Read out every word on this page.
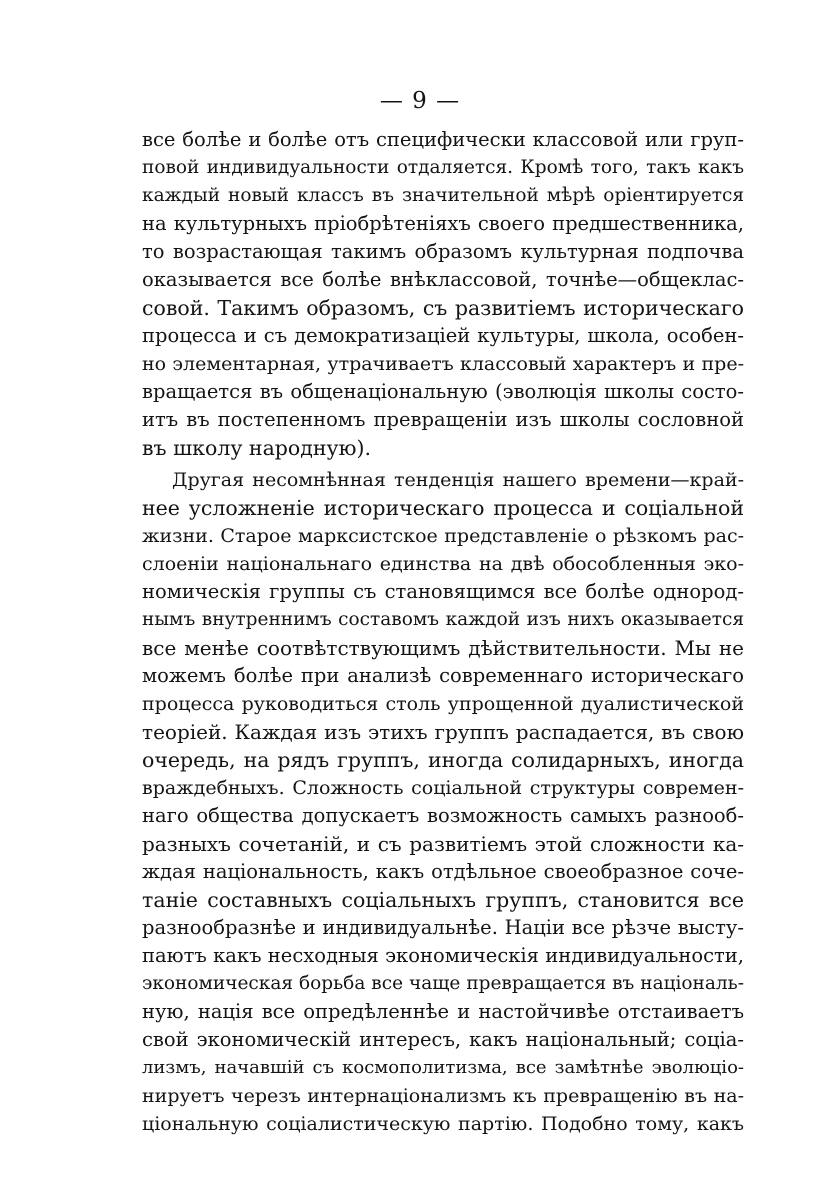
— 9 —
все болѣе и болѣе отъ специфически классовой или груп-
повой индивидуальности отдаляется. Кромѣ того, такъ какъ
каждый новый классъ въ значительной мѣрѣ оріентируется
на культурныхъ пріобрѣтеніяхъ своего предшественника,
то возрастающая такимъ образомъ культурная подпочва
оказывается все болѣе внѣклассовой, точнѣе—общеклас-
совой. Такимъ образомъ, съ развитіемъ историческаго
процесса и съ демократизаціей культуры, школа, особен-
но элементарная, утрачиваетъ классовый характеръ и пре-
вращается въ общенаціональную (эволюція школы состо-
итъ въ постепенномъ превращеніи изъ школы сословной
въ школу народную).
Другая несомнѣнная тенденція нашего времени—край-
нее усложненіе историческаго процесса и соціальной
жизни. Старое марксистское представленіе о рѣзкомъ рас-
слоеніи національнаго единства на двѣ обособленныя эко-
номическія группы съ становящимся все болѣе однород-
нымъ внутреннимъ составомъ каждой изъ нихъ оказывается
все менѣе соотвѣтствующимъ дѣйствительности. Мы не
можемъ болѣе при анализѣ современнаго историческаго
процесса руководиться столь упрощенной дуалистической
теоріей. Каждая изъ этихъ группъ распадается, въ свою
очередь, на рядъ группъ, иногда солидарныхъ, иногда
враждебныхъ. Сложность соціальной структуры современ-
наго общества допускаетъ возможность самыхъ разнооб-
разныхъ сочетаній, и съ развитіемъ этой сложности ка-
ждая національность, какъ отдѣльное своеобразное соче-
таніе составныхъ соціальныхъ группъ, становится все
разнообразнѣе и индивидуальнѣе. Націи все рѣзче высту-
паютъ какъ несходныя экономическія индивидуальности,
экономическая борьба все чаще превращается въ національ-
ную, нація все опредѣленнѣе и настойчивѣе отстаиваетъ
свой экономическій интересъ, какъ національный; соціа-
лизмъ, начавшій съ космополитизма, все замѣтнѣе эволюціо-
нируетъ черезъ интернаціонализмъ къ превращенію въ на-
ціональную соціалистическую партію. Подобно тому, какъ
